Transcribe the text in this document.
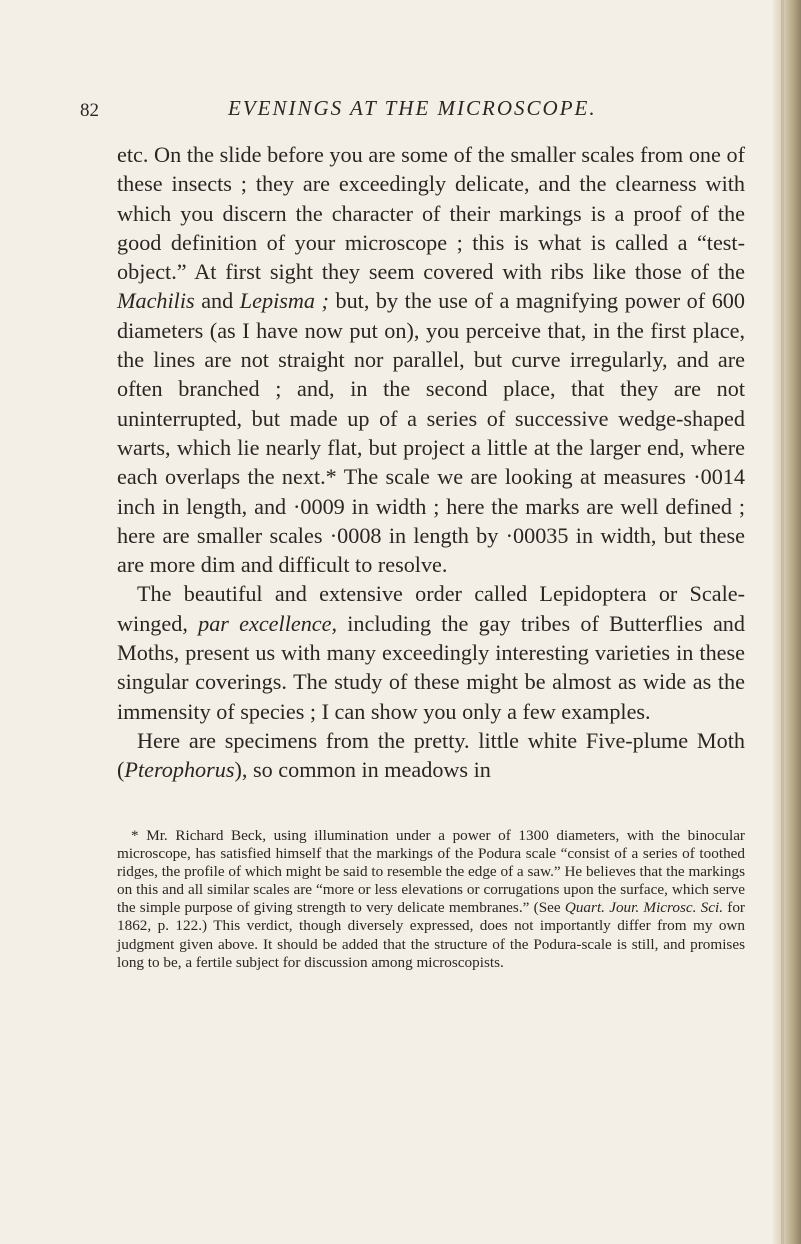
82	EVENINGS AT THE MICROSCOPE.

etc. On the slide before you are some of the smaller scales from one of these insects ; they are exceedingly delicate, and the clearness with which you discern the character of their markings is a proof of the good definition of your microscope ; this is what is called a “test-object.” At first sight they seem covered with ribs like those of the Machilis and Lepisma ; but, by the use of a magnifying power of 600 diameters (as I have now put on), you perceive that, in the first place, the lines are not straight nor parallel, but curve irregularly, and are often branched ; and, in the second place, that they are not uninterrupted, but made up of a series of successive wedge-shaped warts, which lie nearly flat, but project a little at the larger end, where each overlaps the next.* The scale we are looking at measures ·0014 inch in length, and ·0009 in width ; here the marks are well defined ; here are smaller scales ·0008 in length by ·00035 in width, but these are more dim and difficult to resolve.

The beautiful and extensive order called Lepidoptera or Scale-winged, par excellence, including the gay tribes of Butterflies and Moths, present us with many exceedingly interesting varieties in these singular coverings. The study of these might be almost as wide as the immensity of species ; I can show you only a few examples.

Here are specimens from the pretty. little white Five-plume Moth (Pterophorus), so common in meadows in

* Mr. Richard Beck, using illumination under a power of 1300 diameters, with the binocular microscope, has satisfied himself that the markings of the Podura scale “consist of a series of toothed ridges, the profile of which might be said to resemble the edge of a saw.” He believes that the markings on this and all similar scales are “more or less elevations or corrugations upon the surface, which serve the simple purpose of giving strength to very delicate membranes.” (See Quart. Jour. Microsc. Sci. for 1862, p. 122.) This verdict, though diversely expressed, does not importantly differ from my own judgment given above. It should be added that the structure of the Podura-scale is still, and promises long to be, a fertile subject for discussion among microscopists.
